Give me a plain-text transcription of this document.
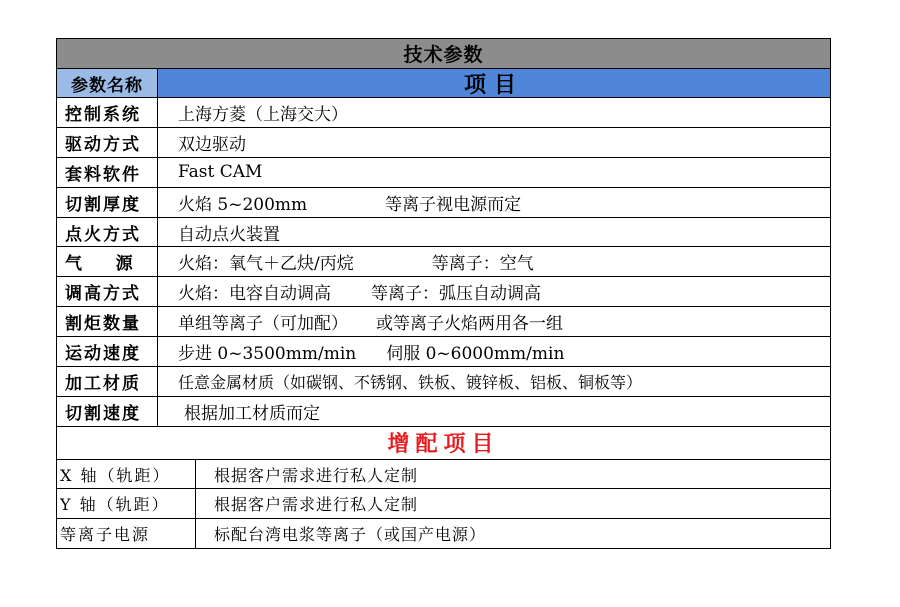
技术参数
参数名称	项目
控制系统	上海方菱（上海交大）
驱动方式	双边驱动
套料软件	Fast CAM
切割厚度	火焰 5~200mm	等离子视电源而定
点火方式	自动点火装置
气    源	火焰：氧气＋乙炔/丙烷	等离子：空气
调高方式	火焰：电容自动调高 等离子：弧压自动调高
割炬数量	单组等离子（可加配） 或等离子火焰两用各一组
运动速度	步进 0~3500mm/min 伺服 0~6000mm/min
加工材质	任意金属材质（如碳钢、不锈钢、铁板、镀锌板、铝板、铜板等）
切割速度	根据加工材质而定
增配项目
X 轴（轨距）	根据客户需求进行私人定制
Y 轴（轨距）	根据客户需求进行私人定制
等离子电源	标配台湾电浆等离子（或国产电源）
